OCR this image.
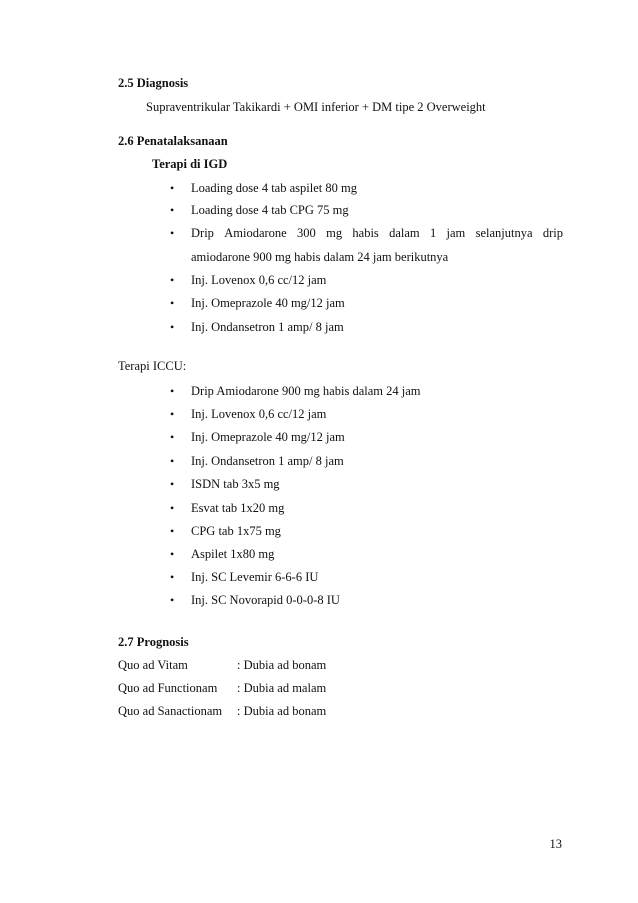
2.5 Diagnosis
Supraventrikular Takikardi + OMI inferior + DM tipe 2 Overweight
2.6 Penatalaksanaan
Terapi di IGD
• Loading dose 4 tab aspilet 80 mg
• Loading dose 4 tab CPG 75 mg
• Drip Amiodarone 300 mg habis dalam 1 jam selanjutnya drip
amiodarone 900 mg habis dalam 24 jam berikutnya
• Inj. Lovenox 0,6 cc/12 jam
• Inj. Omeprazole 40 mg/12 jam
• Inj. Ondansetron 1 amp/ 8 jam
Terapi ICCU:
• Drip Amiodarone 900 mg habis dalam 24 jam
• Inj. Lovenox 0,6 cc/12 jam
• Inj. Omeprazole 40 mg/12 jam
• Inj. Ondansetron 1 amp/ 8 jam
• ISDN tab 3x5 mg
• Esvat tab 1x20 mg
• CPG tab 1x75 mg
• Aspilet 1x80 mg
• Inj. SC Levemir 6-6-6 IU
• Inj. SC Novorapid 0-0-0-8 IU
2.7 Prognosis
Quo ad Vitam	: Dubia ad bonam
Quo ad Functionam : Dubia ad malam
Quo ad Sanactionam : Dubia ad bonam
13
